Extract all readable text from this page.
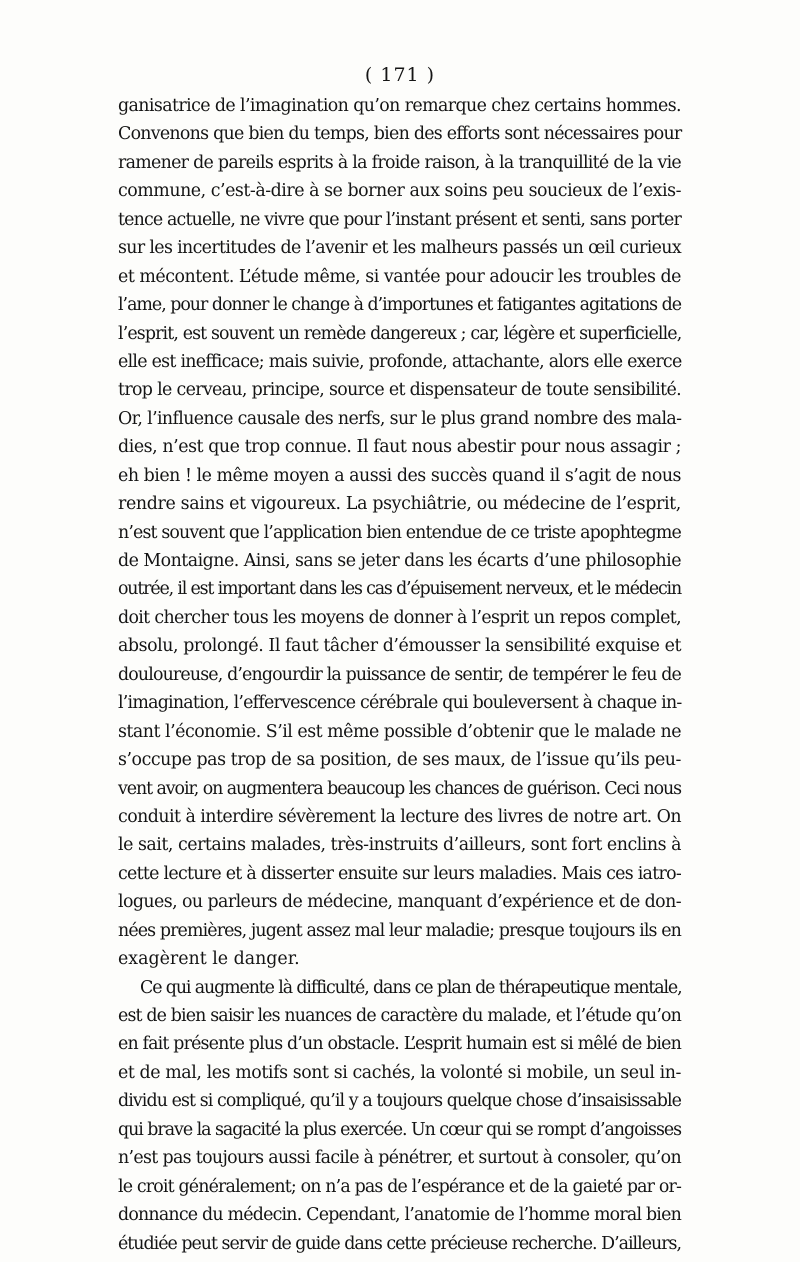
( 171 )
ganisatrice de l’imagination qu’on remarque chez certains hommes.
Convenons que bien du temps, bien des efforts sont nécessaires pour
ramener de pareils esprits à la froide raison, à la tranquillité de la vie
commune, c’est-à-dire à se borner aux soins peu soucieux de l’exis-
tence actuelle, ne vivre que pour l’instant présent et senti, sans porter
sur les incertitudes de l’avenir et les malheurs passés un œil curieux
et mécontent. L’étude même, si vantée pour adoucir les troubles de
l’ame, pour donner le change à d’importunes et fatigantes agitations de
l’esprit, est souvent un remède dangereux ; car, légère et superficielle,
elle est inefficace; mais suivie, profonde, attachante, alors elle exerce
trop le cerveau, principe, source et dispensateur de toute sensibilité.
Or, l’influence causale des nerfs, sur le plus grand nombre des mala-
dies, n’est que trop connue. Il faut nous abestir pour nous assagir ;
eh bien ! le même moyen a aussi des succès quand il s’agit de nous
rendre sains et vigoureux. La psychiâtrie, ou médecine de l’esprit,
n’est souvent que l’application bien entendue de ce triste apophtegme
de Montaigne. Ainsi, sans se jeter dans les écarts d’une philosophie
outrée, il est important dans les cas d’épuisement nerveux, et le médecin
doit chercher tous les moyens de donner à l’esprit un repos complet,
absolu, prolongé. Il faut tâcher d’émousser la sensibilité exquise et
douloureuse, d’engourdir la puissance de sentir, de tempérer le feu de
l’imagination, l’effervescence cérébrale qui bouleversent à chaque in-
stant l’économie. S’il est même possible d’obtenir que le malade ne
s’occupe pas trop de sa position, de ses maux, de l’issue qu’ils peu-
vent avoir, on augmentera beaucoup les chances de guérison. Ceci nous
conduit à interdire sévèrement la lecture des livres de notre art. On
le sait, certains malades, très-instruits d’ailleurs, sont fort enclins à
cette lecture et à disserter ensuite sur leurs maladies. Mais ces iatro-
logues, ou parleurs de médecine, manquant d’expérience et de don-
nées premières, jugent assez mal leur maladie; presque toujours ils en
exagèrent le danger.
Ce qui augmente là difficulté, dans ce plan de thérapeutique mentale,
est de bien saisir les nuances de caractère du malade, et l’étude qu’on
en fait présente plus d’un obstacle. L’esprit humain est si mêlé de bien
et de mal, les motifs sont si cachés, la volonté si mobile, un seul in-
dividu est si compliqué, qu’il y a toujours quelque chose d’insaisissable
qui brave la sagacité la plus exercée. Un cœur qui se rompt d’angoisses
n’est pas toujours aussi facile à pénétrer, et surtout à consoler, qu’on
le croit généralement; on n’a pas de l’espérance et de la gaieté par or-
donnance du médecin. Cependant, l’anatomie de l’homme moral bien
étudiée peut servir de guide dans cette précieuse recherche. D’ailleurs,
